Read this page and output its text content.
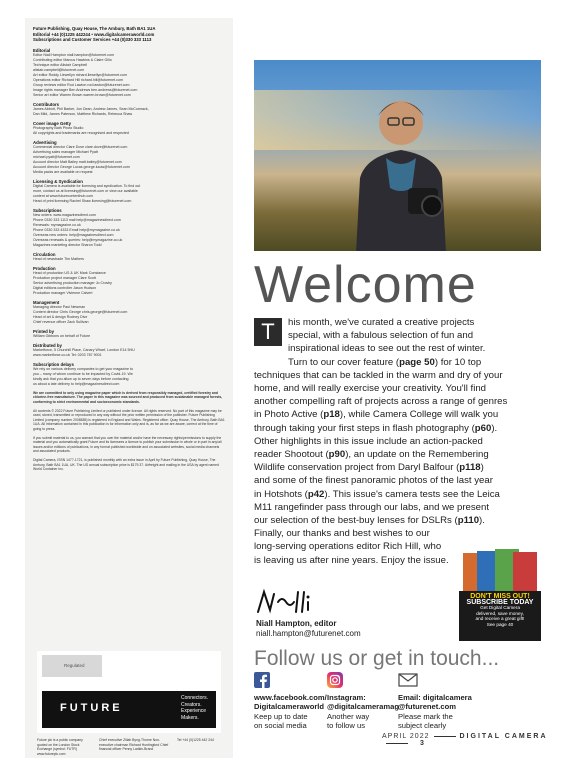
Future Publishing, Quay House, The Ambury, Bath BA1 1UA
Editorial +44 (0)1225 442244 • www.digitalcameraworld.com
Subscriptions and Customer Services +44 (0)330 333 1113
Editorial
Editor Niall Hampton niall.hampton@futurenet.com
Contributing editor Marcus Hawkins & Claire Gillo
Technique editor Alistair Campbell
alistair.campbell@futurenet.com
Art editor Roddy Llewellyn richard.llewellyn@futurenet.com
Operations editor Richard Hill richard.hill@futurenet.com
Group reviews editor Rod Lawton rod.lawton@futurenet.com
Image rights manager Ben Andrews ben.andrews@futurenet.com
Senior art editor Warren Brown warren.brown@futurenet.com
Contributors
James Abbott, Phil Barker, Jon Dean, Andrew James, Sean McCormack,
Dan Mild, James Paterson, Matthew Richards, Rebecca Shaw
Cover image Getty
Photography Bath Photo Studio
All copyrights and trademarks are recognised and respected
Advertising
Commercial director Clare Dove clare.dove@futurenet.com
Advertising sales manager Michael Pyatt
michael.pyatt@futurenet.com
Account director Matt Bailey matt.bailey@futurenet.com
Account director George Lucas george.lucas@futurenet.com
Media packs are available on request
Licensing & Syndication
Digital Camera is available for licensing and syndication. To find out
more, contact us at licensing@futurenet.com or view our available
content at www.futurecontenthub.com
Head of print licensing Rachel Shaw licensing@futurenet.com
Subscriptions
New orders: www.magazinesdirect.com
Phone 0330 333 1113 mail help@magazinesdirect.com
Renewals: mymagazine.co.uk
Phone 0330 333 4333 Email help@mymagazine.co.uk
Overseas new orders: help@magazinesdirect.com
Overseas renewals & queries: help@mymagazine.co.uk
Magazines marketing director Sharon Todd
Circulation
Head of newstrade Tim Mathers
Production
Head of production US & UK Mark Constance
Production project manager Clare Scott
Senior advertising production manager Jo Crosby
Digital editions controller Jason Hudson
Production manager Vivienne Calvert
Management
Managing director Paul Newman
Content director Chris George chris.george@futurenet.com
Head of art & design Rodney Dive
Chief revenue officer Zack Sullivan
Printed by
William Gibbons on behalf of Future
Distributed by
Marketforce, 5 Churchill Place, Canary Wharf, London E14 5HU
www.marketforce.co.uk Tel: 0203 787 9001
Subscription delays
We rely on various delivery companies to get your magazine to
you – many of whom continue to be impacted by Covid-19. We
kindly ask that you allow up to seven days before contacting
us about a late delivery to help@magazinesdirect.com
We are committed to only using magazine paper which is derived from responsibly managed, certified forestry and chlorine-free manufacture. The paper in this magazine was sourced and produced from sustainable managed forests, conforming to strict environmental and socioeconomic standards.
All contents © 2022 Future Publishing Limited or published under licence. All rights reserved. No part of this magazine may be used, stored, transmitted or reproduced in any way without the prior written permission of the publisher. Future Publishing Limited (company number 2008885) is registered in England and Wales. Registered office: Quay House, The Ambury, Bath BA1 1UA. All information contained in this publication is for information only and is, as far as we are aware, correct at the time of going to press.
If you submit material to us, you warrant that you own the material and/or have the necessary rights/permissions to supply the material and you automatically grant Future and its licensees a licence to publish your submission in whole or in part in any/all issues and/or editions of publications, in any format published worldwide and on associated websites, social media channels and associated products.
Digital Camera, ISSN 1477-1721, is published monthly with an extra issue in April by Future Publishing, Quay House, The Ambury, Bath BA1 1UA, UK. The US annual subscription price is $179.37. Airfreight and mailing in the USA by agent named World Container Inc.
Regulated
FUTURE
Connectors.
Creators.
Experience
Makers.
Future plc is a public company quoted on the London Stock Exchange (symbol: FUTR) www.futureplc.com
Chief executive Zillah Byng-Thorne Non-executive chairman Richard Huntingford Chief financial officer Penny Ladkin-Brand
Tel +44 (0)1225 442 244
Welcome
T	his month, we've curated a creative projects
special, with a fabulous selection of fun and
inspirational ideas to see out the rest of winter.
Turn to our cover feature (page 50) for 10 top
techniques that can be tackled in the warm and dry of your
home, and will really exercise your creativity. You'll find
another compelling raft of projects across a range of genres
in Photo Active (p18), while Camera College will walk you
through taking your first steps in flash photography (p60).
Other highlights in this issue include an action-packed
reader Shootout (p90), an update on the Remembering
Wildlife conservation project from Daryl Balfour (p118)
and some of the finest panoramic photos of the last year
in Hotshots (p42). This issue's camera tests see the Leica
M11 rangefinder pass through our labs, and we present
our selection of the best-buy lenses for DSLRs (p110).
Finally, our thanks and best wishes to our
long-serving operations editor Rich Hill, who
is leaving us after nine years. Enjoy the issue.
Niall Hampton, editor
niall.hampton@futurenet.com
DON'T MISS OUT!
SUBSCRIBE TODAY
Get Digital Camera
delivered, save money,
and receive a great gift!
See page 40
Follow us or get in touch...
www.facebook.com/
Digitalcameraworld
Keep up to date
on social media
Instagram:
@digitalcameramag
Another way
to follow us
Email: digitalcamera
@futurenet.com
Please mark the
subject clearly
APRIL 2022	DIGITAL CAMERA3
